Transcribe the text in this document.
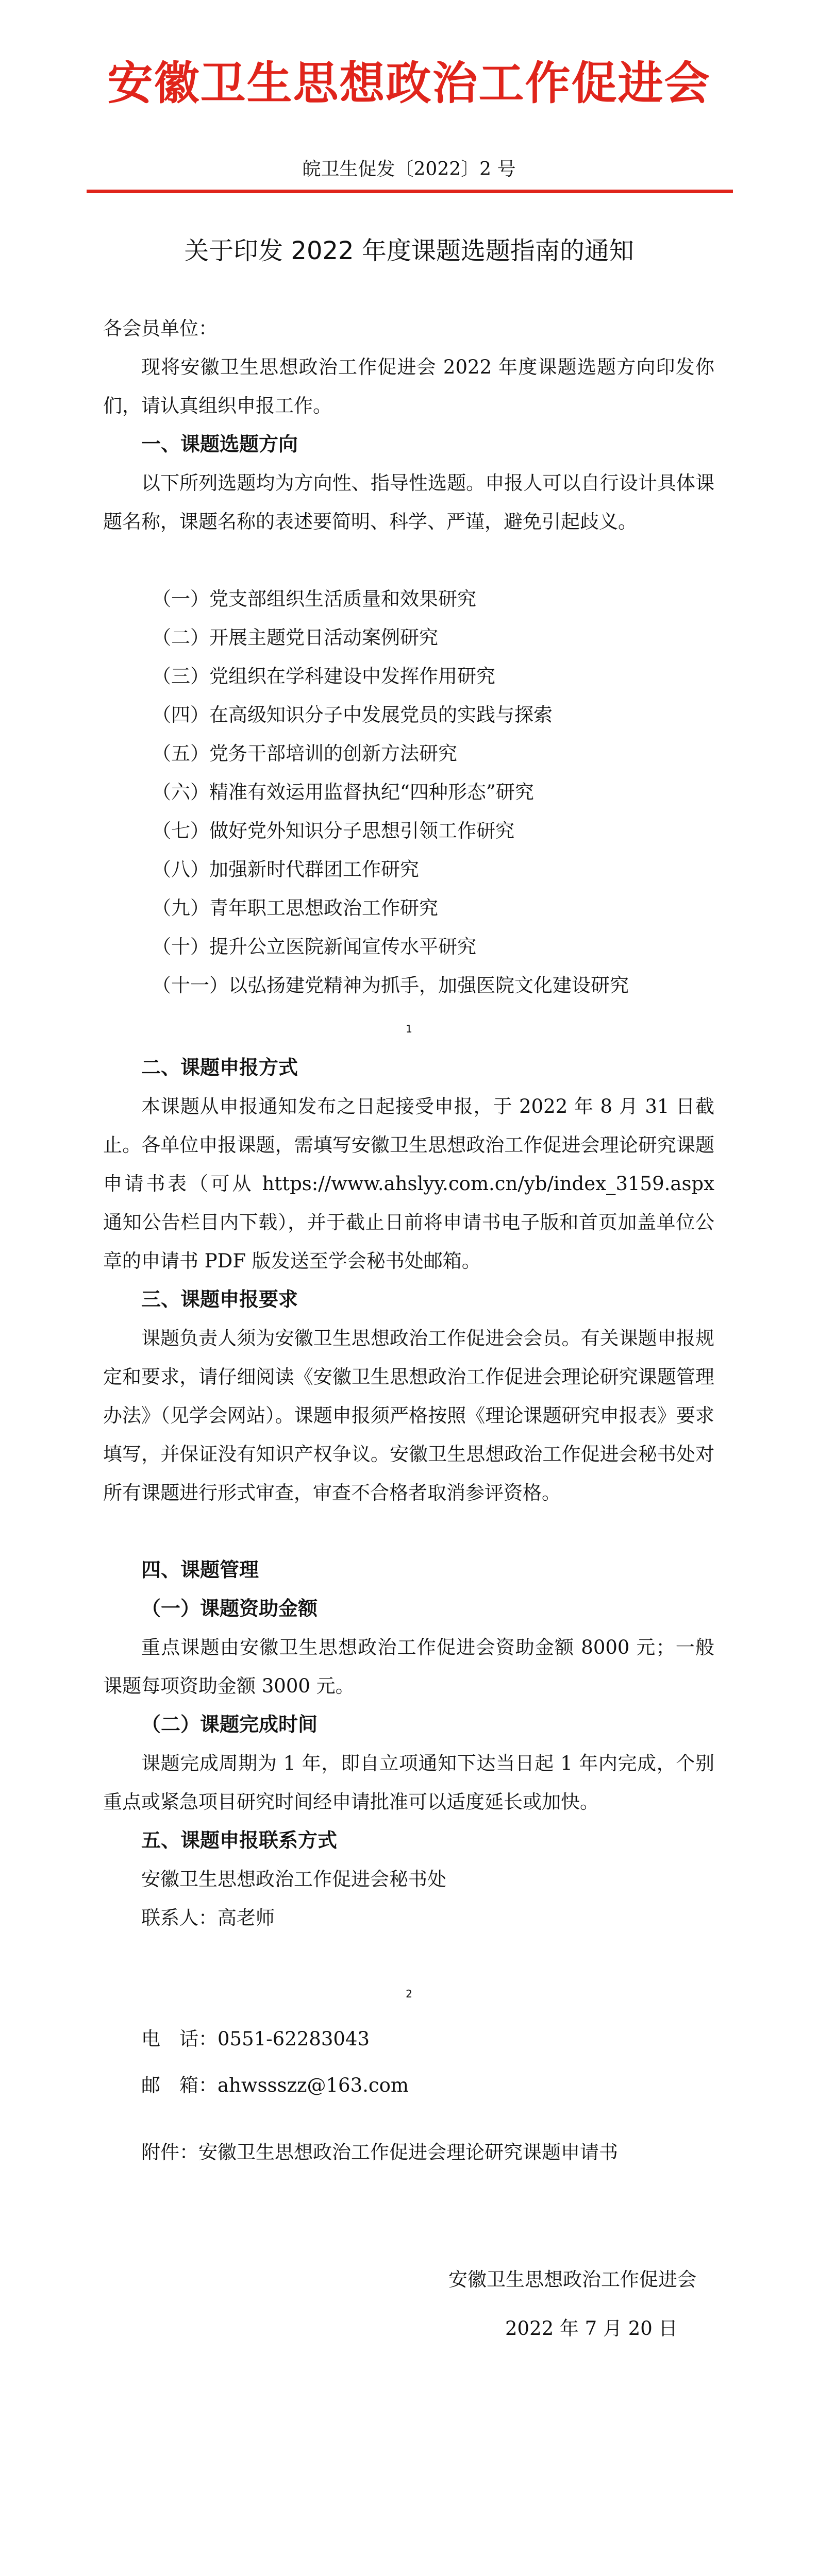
安徽卫生思想政治工作促进会
皖卫生促发〔2022〕2 号
关于印发 2022 年度课题选题指南的通知
各会员单位：
现将安徽卫生思想政治工作促进会 2022 年度课题选题方向印发你们，请认真组织申报工作。
一、课题选题方向
以下所列选题均为方向性、指导性选题。申报人可以自行设计具体课题名称，课题名称的表述要简明、科学、严谨，避免引起歧义。
（一）党支部组织生活质量和效果研究
（二）开展主题党日活动案例研究
（三）党组织在学科建设中发挥作用研究
（四）在高级知识分子中发展党员的实践与探索
（五）党务干部培训的创新方法研究
（六）精准有效运用监督执纪“四种形态”研究
（七）做好党外知识分子思想引领工作研究
（八）加强新时代群团工作研究
（九）青年职工思想政治工作研究
（十）提升公立医院新闻宣传水平研究
（十一）以弘扬建党精神为抓手，加强医院文化建设研究
1
二、课题申报方式
本课题从申报通知发布之日起接受申报，于 2022 年 8 月 31 日截止。各单位申报课题，需填写安徽卫生思想政治工作促进会理论研究课题申请书表（可从 https://www.ahslyy.com.cn/yb/index_3159.aspx 通知公告栏目内下载），并于截止日前将申请书电子版和首页加盖单位公章的申请书 PDF 版发送至学会秘书处邮箱。
三、课题申报要求
课题负责人须为安徽卫生思想政治工作促进会会员。有关课题申报规定和要求，请仔细阅读《安徽卫生思想政治工作促进会理论研究课题管理办法》（见学会网站）。课题申报须严格按照《理论课题研究申报表》要求填写，并保证没有知识产权争议。安徽卫生思想政治工作促进会秘书处对所有课题进行形式审查，审查不合格者取消参评资格。
四、课题管理
（一）课题资助金额
重点课题由安徽卫生思想政治工作促进会资助金额 8000 元；一般课题每项资助金额 3000 元。
（二）课题完成时间
课题完成周期为 1 年，即自立项通知下达当日起 1 年内完成，个别重点或紧急项目研究时间经申请批准可以适度延长或加快。
五、课题申报联系方式
安徽卫生思想政治工作促进会秘书处
联系人：高老师
2
电　话：0551-62283043
邮　箱：ahwssszz@163.com
附件：安徽卫生思想政治工作促进会理论研究课题申请书
安徽卫生思想政治工作促进会
2022 年 7 月 20 日
